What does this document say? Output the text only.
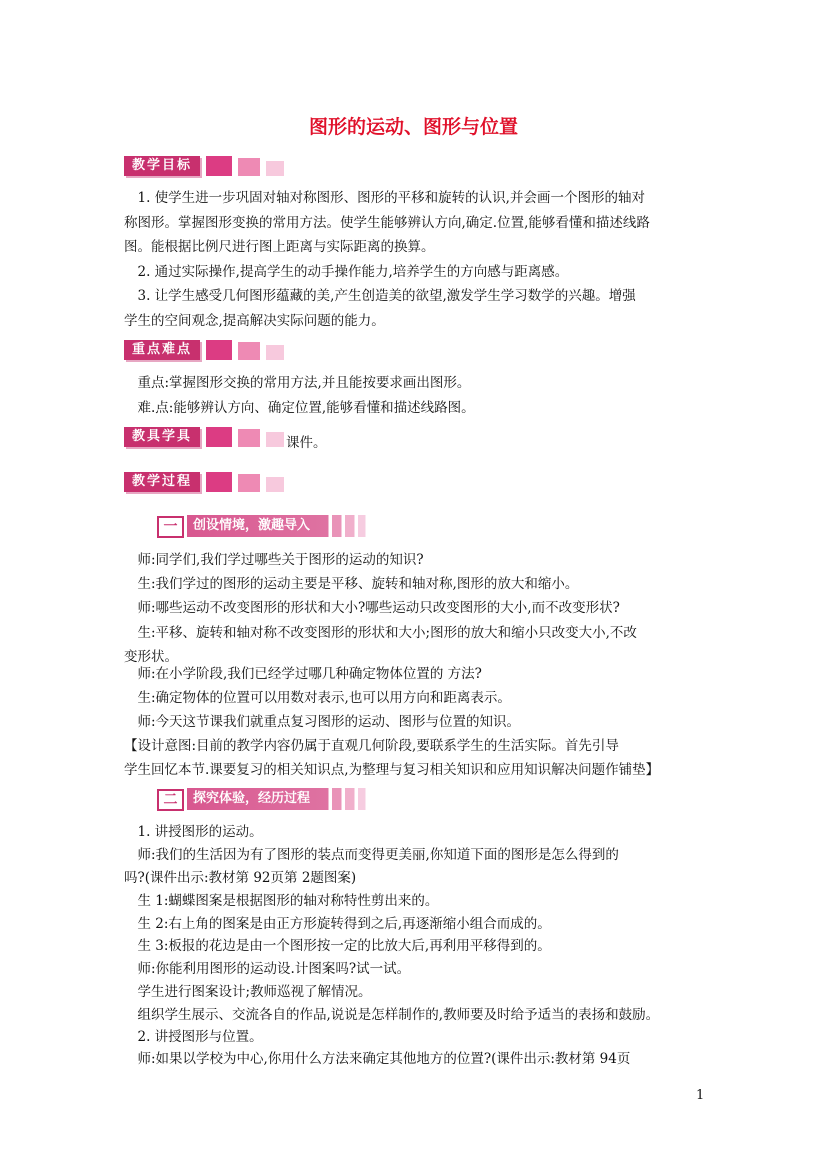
图形的运动、图形与位置
教学目标
　1. 使学生进一步巩固对轴对称图形、图形的平移和旋转的认识,并会画一个图形的轴对
称图形。掌握图形变换的常用方法。使学生能够辨认方向,确定.位置,能够看懂和描述线路
图。能根据比例尺进行图上距离与实际距离的换算。
　2. 通过实际操作,提高学生的动手操作能力,培养学生的方向感与距离感。
　3. 让学生感受几何图形蕴藏的美,产生创造美的欲望,激发学生学习数学的兴趣。增强
学生的空间观念,提高解决实际问题的能力。
重点难点
　重点:掌握图形交换的常用方法,并且能按要求画出图形。
　难.点:能够辨认方向、确定位置,能够看懂和描述线路图。
教具学具	课件。
教学过程
一	创设情境，激趣导入
　师:同学们,我们学过哪些关于图形的运动的知识?
　生:我们学过的图形的运动主要是平移、旋转和轴对称,图形的放大和缩小。
　师:哪些运动不改变图形的形状和大小?哪些运动只改变图形的大小,而不改变形状?
　生:平移、旋转和轴对称不改变图形的形状和大小;图形的放大和缩小只改变大小,不改
变形状。
　师:在小学阶段,我们已经学过哪几种确定物体位置的 方法?
　生:确定物体的位置可以用数对表示,也可以用方向和距离表示。
　师:今天这节课我们就重点复习图形的运动、图形与位置的知识。
【设计意图:目前的教学内容仍属于直观几何阶段,要联系学生的生活实际。首先引导
学生回忆本节.课要复习的相关知识点,为整理与复习相关知识和应用知识解决问题作铺垫】
二	探究体验，经历过程
　1. 讲授图形的运动。
　师:我们的生活因为有了图形的装点而变得更美丽,你知道下面的图形是怎么得到的
吗?(课件出示:教材第 92页第 2题图案)
　生 1:蝴蝶图案是根据图形的轴对称特性剪出来的。
　生 2:右上角的图案是由正方形旋转得到之后,再逐渐缩小组合而成的。
　生 3:板报的花边是由一个图形按一定的比放大后,再利用平移得到的。
　师:你能利用图形的运动设.计图案吗?试一试。
　学生进行图案设计;教师巡视了解情况。
　组织学生展示、交流各自的作品,说说是怎样制作的,教师要及时给予适当的表扬和鼓励。
　2. 讲授图形与位置。
　师:如果以学校为中心,你用什么方法来确定其他地方的位置?(课件出示:教材第 94页
1
